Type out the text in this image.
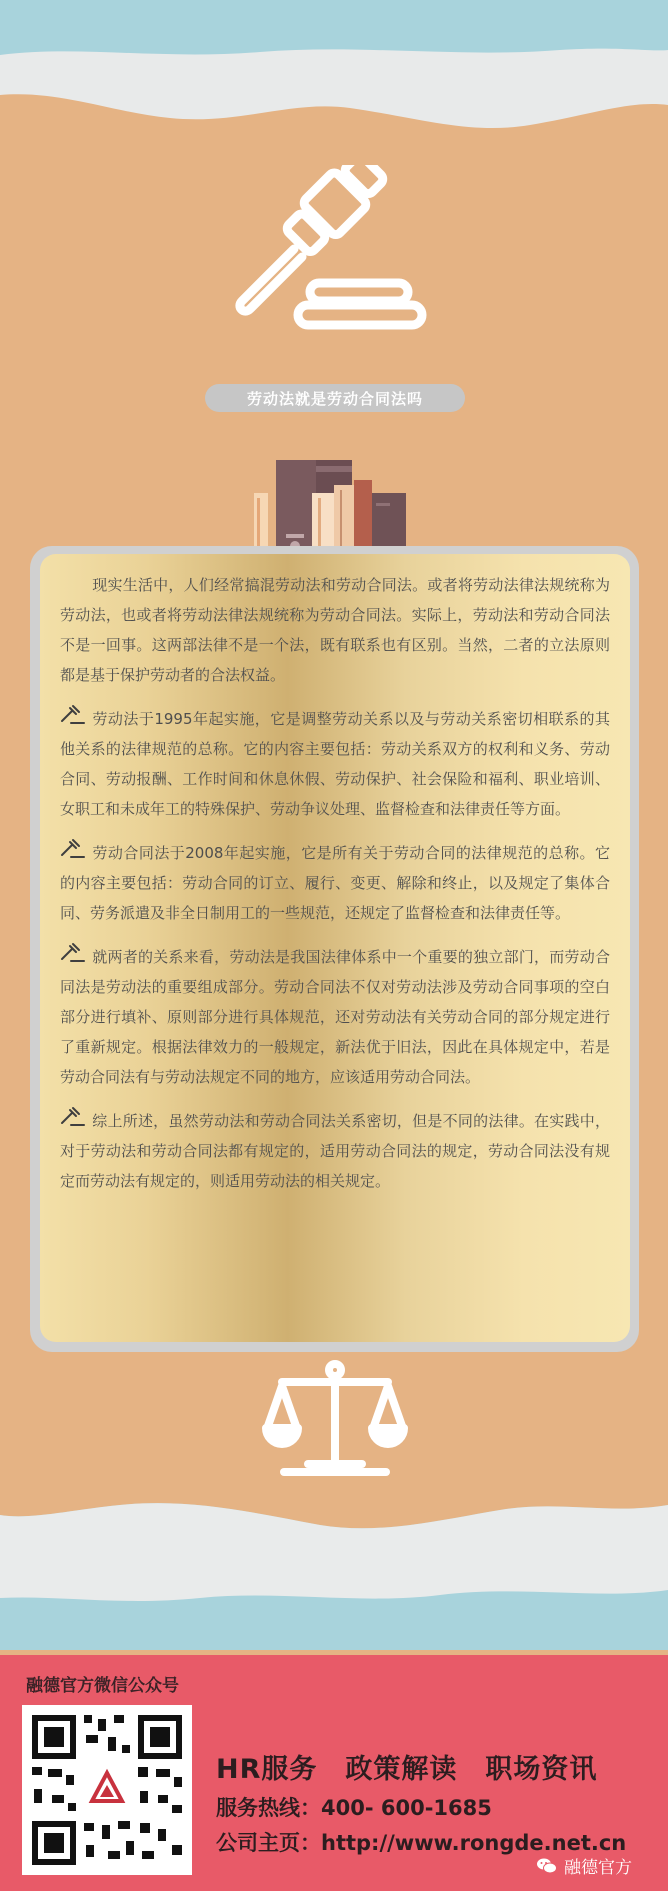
劳动法就是劳动合同法吗

现实生活中，人们经常搞混劳动法和劳动合同法。或者将劳动法律法规统称为劳动法，也或者将劳动法律法规统称为劳动合同法。实际上，劳动法和劳动合同法不是一回事。这两部法律不是一个法，既有联系也有区别。当然，二者的立法原则都是基于保护劳动者的合法权益。

劳动法于1995年起实施，它是调整劳动关系以及与劳动关系密切相联系的其他关系的法律规范的总称。它的内容主要包括：劳动关系双方的权利和义务、劳动合同、劳动报酬、工作时间和休息休假、劳动保护、社会保险和福利、职业培训、女职工和未成年工的特殊保护、劳动争议处理、监督检查和法律责任等方面。

劳动合同法于2008年起实施，它是所有关于劳动合同的法律规范的总称。它的内容主要包括：劳动合同的订立、履行、变更、解除和终止，以及规定了集体合同、劳务派遣及非全日制用工的一些规范，还规定了监督检查和法律责任等。

就两者的关系来看，劳动法是我国法律体系中一个重要的独立部门，而劳动合同法是劳动法的重要组成部分。劳动合同法不仅对劳动法涉及劳动合同事项的空白部分进行填补、原则部分进行具体规范，还对劳动法有关劳动合同的部分规定进行了重新规定。根据法律效力的一般规定，新法优于旧法，因此在具体规定中，若是劳动合同法有与劳动法规定不同的地方，应该适用劳动合同法。

综上所述，虽然劳动法和劳动合同法关系密切，但是不同的法律。在实践中，对于劳动法和劳动合同法都有规定的，适用劳动合同法的规定，劳动合同法没有规定而劳动法有规定的，则适用劳动法的相关规定。

融德官方微信公众号
HR服务　政策解读　职场资讯
服务热线：400- 600-1685
公司主页：http://www.rongde.net.cn
融德官方
